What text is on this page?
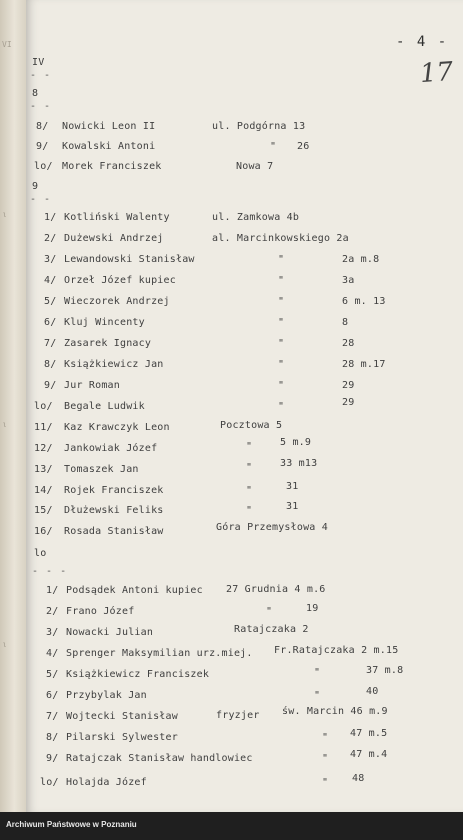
VI
ι
ι
ι
- 4 -
17
IV
- -
8
- -
9
- -
lo
- - -
8/ Nowicki Leon II	ul. Podgórna 13
9/ Kowalski Antoni	" 26
lo/ Morek Franciszek	Nowa 7
1/ Kotliński Walenty	ul. Zamkowa 4b
2/ Dużewski Andrzej	al. Marcinkowskiego 2a
3/ Lewandowski Stanisław	"	2a m.8
4/ Orzeł Józef kupiec	"	3a
5/ Wieczorek Andrzej	"	6 m. 13
6/ Kluj Wincenty	"	8
7/ Zasarek Ignacy	"	28
8/ Książkiewicz Jan	"	28 m.17
9/ Jur Roman	"	29
lo/ Begale Ludwik	"	29
11/ Kaz Krawczyk Leon	Pocztowa 5
12/ Jankowiak Józef	"	5 m.9
13/ Tomaszek Jan	"	33 m13
14/ Rojek Franciszek	"	31
15/ Dłużewski Feliks	"	31
16/ Rosada Stanisław	Góra Przemysłowa 4
1/ Podsądek Antoni kupiec 27 Grudnia 4 m.6
2/ Frano Józef	"	19
3/ Nowacki Julian	Ratajczaka 2
4/ Sprenger Maksymilian urz.miej. Fr.Ratajczaka 2 m.15
5/ Książkiewicz Franciszek	"	37 m.8
6/ Przybylak Jan	"	40
7/ Wojtecki Stanisław	fryzjer św. Marcin 46 m.9
8/ Pilarski Sylwester	" 47 m.5
9/ Ratajczak Stanisław handlowiec	" 47 m.4
lo/ Holajda Józef	" 48
Archiwum Państwowe w Poznaniu
